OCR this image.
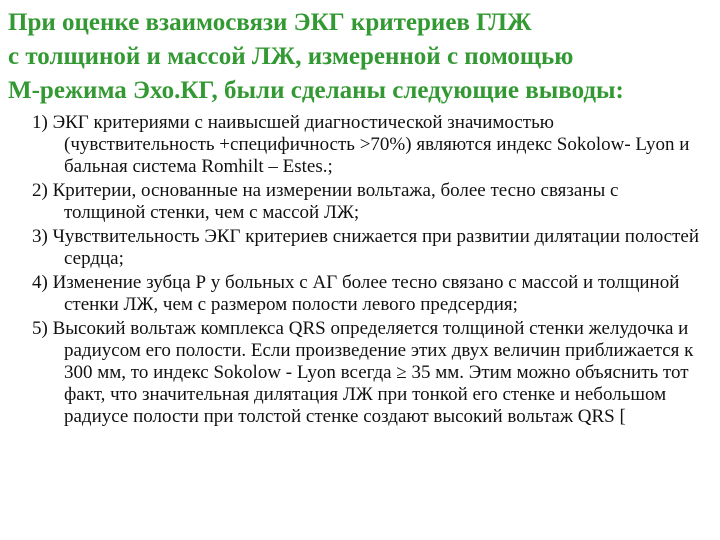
При оценке взаимосвязи ЭКГ критериев ГЛЖ
с толщиной и массой ЛЖ, измеренной с помощью
М-режима Эхо.КГ, были сделаны следующие выводы:
1) ЭКГ критериями с наивысшей диагностической значимостью (чувствительность +специфичность >70%) являются индекс Sokolow- Lyon и бальная система Romhilt – Estes.;
2) Критерии, основанные на измерении вольтажа, более тесно связаны с толщиной стенки, чем с массой ЛЖ;
3) Чувствительность ЭКГ критериев снижается при развитии дилятации полостей сердца;
4) Изменение зубца Р у больных с АГ более тесно связано с массой и толщиной стенки ЛЖ, чем с размером полости левого предсердия;
5) Высокий вольтаж комплекса QRS определяется толщиной стенки желудочка и радиусом его полости. Если произведение этих двух величин приближается к 300 мм, то индекс Sokolow - Lyon всегда ≥ 35 мм. Этим можно объяснить тот факт, что значительная дилятация ЛЖ при тонкой его стенке и небольшом радиусе полости при толстой стенке создают высокий вольтаж QRS [
